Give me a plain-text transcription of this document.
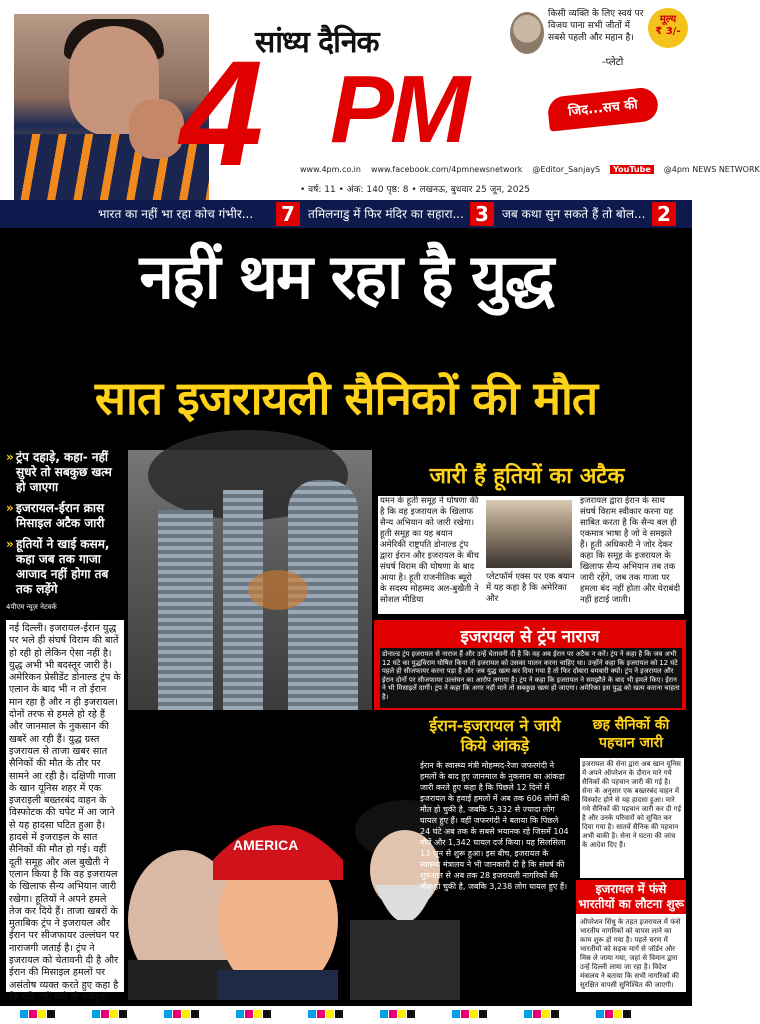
सांध्य दैनिक
4 PM
किसी व्यक्ति के लिए स्वयं पर विजय पाना सभी जीतों में सबसे पहली और महान है।
-प्लेटो
मूल्य
₹ 3/-
जिद...सच की
www.4pm.co.in www.facebook.com/4pmnewsnetwork @Editor_SanjayS	YouTube	@4pm NEWS NETWORK
• वर्ष: 11 • अंक: 140 पृष्ठ: 8 • लखनऊ, बुधवार 25 जून, 2025
भारत का नहीं भा रहा कोच गंभीर... 7	तमिलनाडु में फिर मंदिर का सहारा... 3	जब कथा सुन सकते हैं तो बोल... 2
नहीं थम रहा है युद्ध
सात इजरायली सैनिकों की मौत
» ट्रंप दहाड़े, कहा- नहीं सुधरे तो सबकुछ खत्म हो जाएगा
» इजरायल-ईरान क्रास मिसाइल अटैक जारी
» हूतियों ने खाई कसम, कहा जब तक गाजा आजाद नहीं होगा तब तक लड़ेंगे
4पीएम न्यूज़ नेटवर्क
नई दिल्ली। इजरायल-ईरान युद्ध पर भले ही संघर्ष विराम की बातें हो रही हो लेकिन ऐसा नहीं है। युद्ध अभी भी बदस्तूर जारी है। अमेरिकन प्रेसीडेंट डोनाल्ड ट्रंप के एलान के बाद भी न तो ईरान मान रहा है और न ही इजरायल। दोनों तरफ से हमले हो रहे हैं और जानमाल के नुकसान की खबरें आ रही हैं। युद्ध ग्रस्त इजरायल से ताजा खबर सात सैनिकों की मौत के तौर पर सामने आ रही है। दक्षिणी गाजा के खान यूनिस शहर में एक इजराइली बख्तरबंद वाहन के विस्फोटक की चपेट में आ जाने से यह हादसा घटित हुआ है। हादसे में इजराइल के सात सैनिकों की मौत हो गई। वहीं दूती समूह और अल बुखैती ने एलान किया है कि वह इजरायल के खिलाफ सैन्य अभियान जारी रखेगा। हूतियों ने अपने हमले तेज कर दिये हैं। ताजा खबरों के मुताबिक ट्रंप ने इजरायल और ईरान पर सीजफायर उल्लंघन पर नाराजगी जताई है। ट्रंप ने इजरायल को चेतावनी दी है और ईरान की मिसाइल हमलों पर असंतोष व्यक्त करते हुए कहा है कि यदि नहीं माने तो सबकुछ
जारी हैं हूतियों का अटैक
यमन के हूती समूह ने घोषणा की है कि वह इजरायल के खिलाफ सैन्य अभियान को जारी रखेगा। हूती समूह का यह बयान अमेरिकी राष्ट्रपति डोनाल्ड ट्रंप द्वारा ईरान और इजरायल के बीच संघर्ष विराम की घोषणा के बाद आया है। हूती राजनीतिक ब्यूरो के सदस्य मोहम्मद अल-बुखैती ने सोशल मीडिया
प्लेटफॉर्म एक्स पर एक बयान में यह कहा है कि अमेरिका और
इजरायल द्वारा ईरान के साथ संघर्ष विराम स्वीकार करना यह साबित करता है कि सैन्य बल ही एकमात्र भाषा है जो वे समझते हैं। हूती अधिकारी ने जोर देकर कहा कि समूह के इजरायल के खिलाफ सैन्य अभियान तब तक जारी रहेंगे, जब तक गाजा पर हमला बंद नहीं होता और घेराबंदी नहीं हटाई जाती।
इजरायल से ट्रंप नाराज
डोनाल्ड ट्रंप इजरायल से नाराज हैं और उन्हें चेतावनी दी है कि वह अब ईरान पर अटैक न करें। ट्रंप ने कहा है कि जब अभी 12 घंटे का युद्धविराम घोषित किया तो इजरायल को उसका पालन करना चाहिए था। उन्होंने कहा कि इजरायल को 12 घंटे पहले ही सीजफायर करना पड़ा है और जब युद्ध खत्म कर दिया गया है तो फिर दोबारा बमबारी क्यों। ट्रंप ने इजरायल और ईरान दोनों पर सीजफायर उल्लंघन का आरोप लगाया है। ट्रंप ने कहा कि इजरायल ने समझौते के बाद भी हमले किए। ईरान ने भी मिसाइलें दागीं। ट्रंप ने कहा कि अगर नहीं माने तो सबकुछ खत्म हो जाएगा। अमेरिका इस युद्ध को खत्म कराना चाहता है।
AMERICA
ईरान-इजरायल ने जारी किये आंकड़े
ईरान के स्वास्थ्य मंत्री मोहम्मद-रेजा जफरगंदी ने हमलों के बाद हुए जानमाल के नुकसान का आंकड़ा जारी करते हुए कहा है कि पिछले 12 दिनों में इजरायल के हवाई हमलों में अब तक 606 लोगों की मौत हो चुकी है, जबकि 5,332 से ज्यादा लोग घायल हुए हैं। वहीं जफरगंदी ने बताया कि पिछले 24 घंटे अब तक के सबसे भयानक रहे जिसमें 104 मौतें और 1,342 घायल दर्ज किया। यह सिलसिला 13 जून से शुरू हुआ। इस बीच, इजरायल के स्वास्थ्य मंत्रालय ने भी जानकारी दी है कि संघर्ष की शुरुआत से अब तक 28 इजरायली नागरिकों की मौत हो चुकी है, जबकि 3,238 लोग घायल हुए हैं।
छह सैनिकों की पहचान जारी
इजरायल की सेना द्वारा अब खान यूनिस में अपने ऑपरेशन के दौरान मारे गये सैनिकों की पहचान जारी की गई है। सेना के अनुसार एक बख्तरबंद वाहन में विस्फोट होने से यह हादसा हुआ। मारे गये सैनिकों की पहचान जारी कर दी गई है और उनके परिवारों को सूचित कर दिया गया है। सातवें सैनिक की पहचान अभी बाकी है। सेना ने घटना की जांच के आदेश दिए हैं।
इजरायल में फंसे भारतीयों का लौटना शुरू
ऑपरेशन सिंधु के तहत इजरायल में फंसे भारतीय नागरिकों को वापस लाने का काम शुरू हो गया है। पहले चरण में भारतीयों को सड़क मार्ग से जॉर्डन और मिस्र ले जाया गया, जहां से विमान द्वारा उन्हें दिल्ली लाया जा रहा है। विदेश मंत्रालय ने बताया कि सभी नागरिकों की सुरक्षित वापसी सुनिश्चित की जाएगी।
